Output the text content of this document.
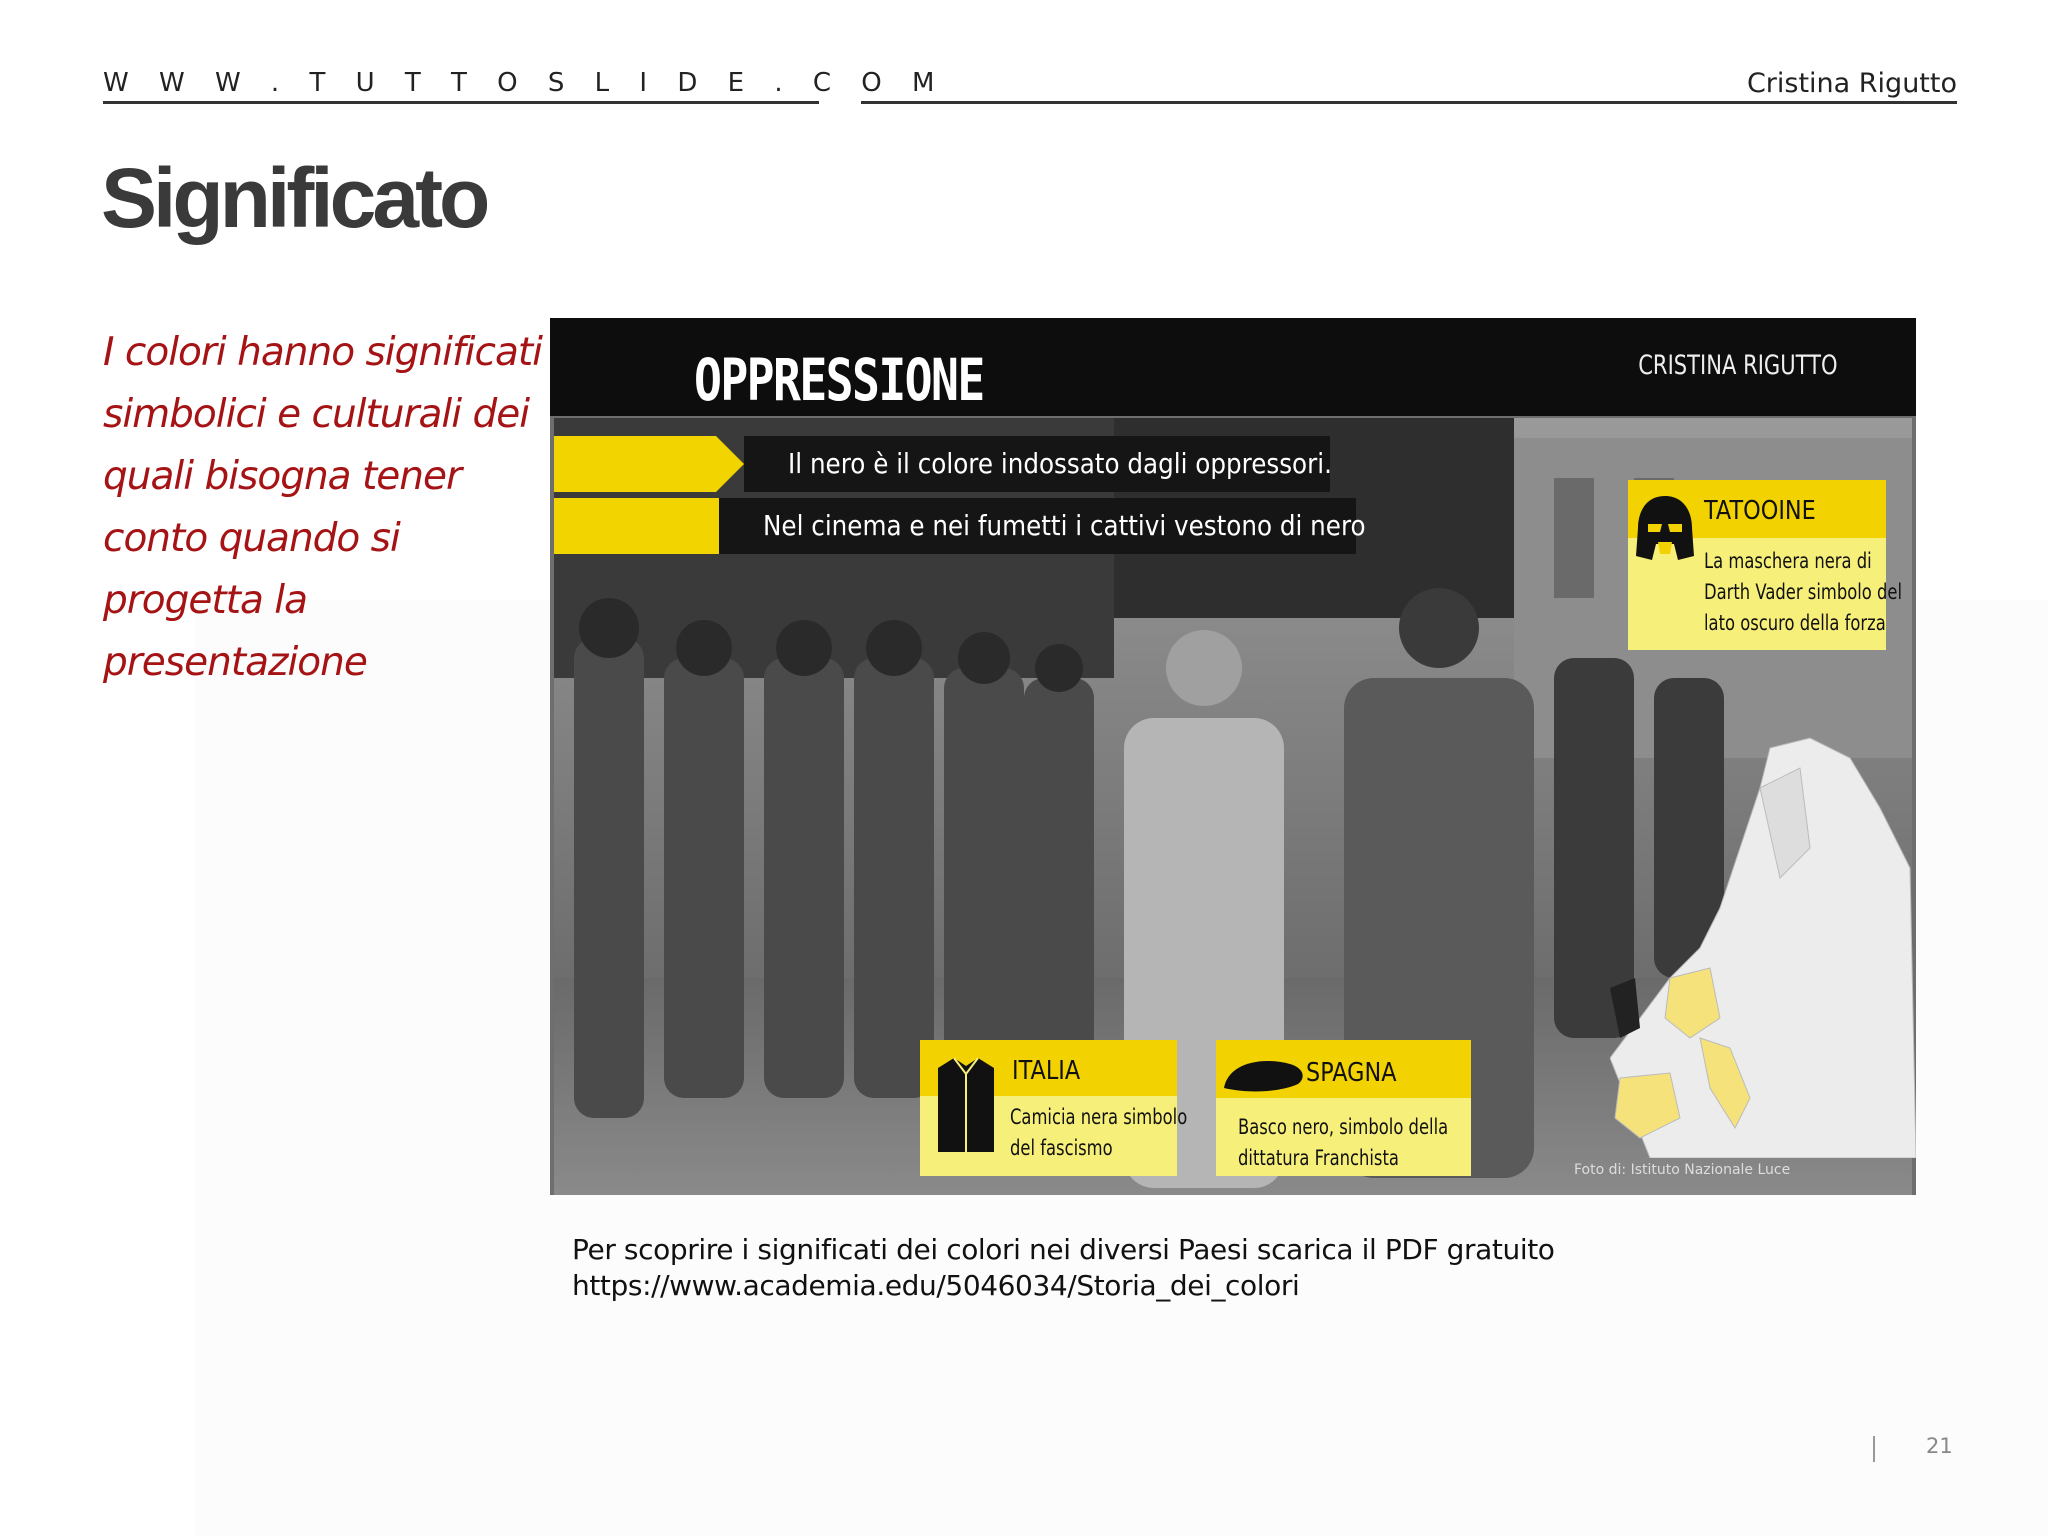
W W W . T U T T O S L I D E . C O M	Cristina Rigutto
Significato
I colori hanno significati simbolici e culturali dei quali bisogna tener conto quando si progetta la presentazione
OPPRESSIONE	CRISTINA RIGUTTO
Il nero è il colore indossato dagli oppressori.
Nel cinema e nei fumetti i cattivi vestono di nero	TATOOINE
La maschera nera di
Darth Vader simbolo del
lato oscuro della forza
ITALIA
Camicia nera simbolo
del fascismo
SPAGNA
Basco nero, simbolo della
dittatura Franchista	Foto di: Istituto Nazionale Luce
Per scoprire i significati dei colori nei diversi Paesi scarica il PDF gratuito
https://www.academia.edu/5046034/Storia_dei_colori
21
